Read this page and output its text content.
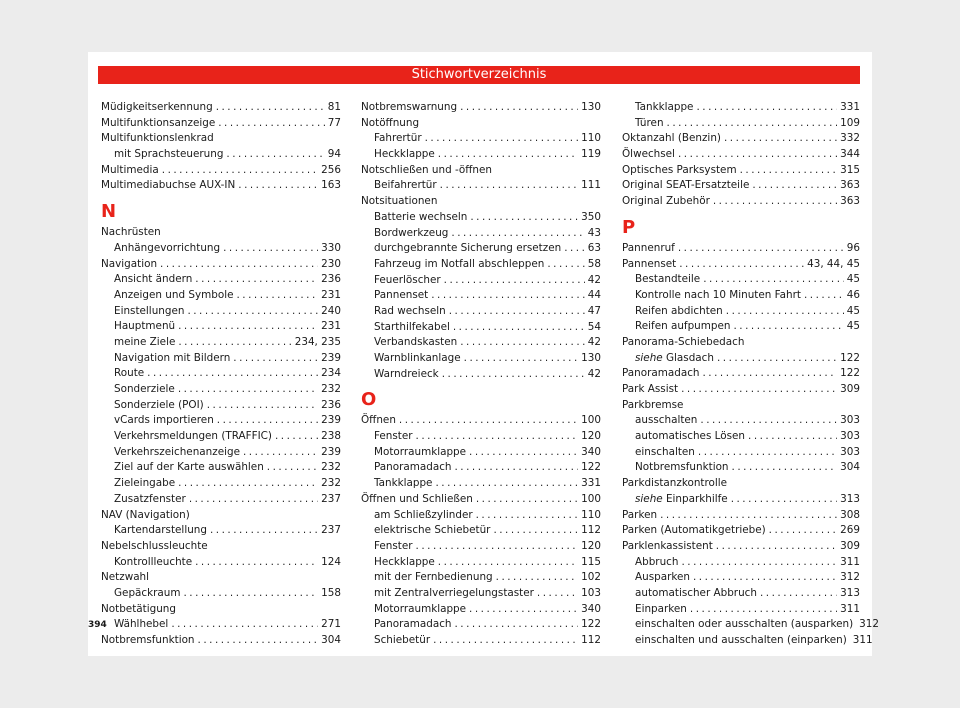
Stichwortverzeichnis
Müdigkeitserkennung . . .	81
Multifunktionsanzeige . . .	77
Multifunktionslenkrad
mit Sprachsteuerung . . .	94
Multimedia . . .	256
Multimediabuchse AUX-IN . . .	163
N
Nachrüsten
Anhängevorrichtung . . .	330
Navigation . . .	230
Ansicht ändern . . .	236
Anzeigen und Symbole . . .	231
Einstellungen . . .	240
Hauptmenü . . .	231
meine Ziele . . .	234, 235
Navigation mit Bildern . . .	239
Route . . .	234
Sonderziele . . .	232
Sonderziele (POI) . . .	236
vCards importieren . . .	239
Verkehrsmeldungen (TRAFFIC) . . .	238
Verkehrszeichenanzeige . . .	239
Ziel auf der Karte auswählen . . .	232
Zieleingabe . . .	232
Zusatzfenster . . .	237
NAV (Navigation)
Kartendarstellung . . .	237
Nebelschlussleuchte
Kontrollleuchte . . .	124
Netzwahl
Gepäckraum . . .	158
Notbetätigung
Wählhebel . . .	271
Notbremsfunktion . . .	304
Notbremswarnung . . .	130
Notöffnung
Fahrertür . . .	110
Heckklappe . . .	119
Notschließen und -öffnen
Beifahrertür . . .	111
Notsituationen
Batterie wechseln . . .	350
Bordwerkzeug . . .	43
durchgebrannte Sicherung ersetzen . . .	63
Fahrzeug im Notfall abschleppen . . .	58
Feuerlöscher . . .	42
Pannenset . . .	44
Rad wechseln . . .	47
Starthilfekabel . . .	54
Verbandskasten . . .	42
Warnblinkanlage . . .	130
Warndreieck . . .	42
O
Öffnen . . .	100
Fenster . . .	120
Motorraumklappe . . .	340
Panoramadach . . .	122
Tankklappe . . .	331
Öffnen und Schließen . . .	100
am Schließzylinder . . .	110
elektrische Schiebetür . . .	112
Fenster . . .	120
Heckklappe . . .	115
mit der Fernbedienung . . .	102
mit Zentralverriegelungstaster . . .	103
Motorraumklappe . . .	340
Panoramadach . . .	122
Schiebetür . . .	112
Tankklappe . . .	331
Türen . . .	109
Oktanzahl (Benzin) . . .	332
Ölwechsel . . .	344
Optisches Parksystem . . .	315
Original SEAT-Ersatzteile . . .	363
Original Zubehör . . .	363
P
Pannenruf . . .	96
Pannenset . . .	43, 44, 45
Bestandteile . . .	45
Kontrolle nach 10 Minuten Fahrt . . .	46
Reifen abdichten . . .	45
Reifen aufpumpen . . .	45
Panorama-Schiebedach
siehe Glasdach . . .	122
Panoramadach . . .	122
Park Assist . . .	309
Parkbremse
ausschalten . . .	303
automatisches Lösen . . .	303
einschalten . . .	303
Notbremsfunktion . . .	304
Parkdistanzkontrolle
siehe Einparkhilfe . . .	313
Parken . . .	308
Parken (Automatikgetriebe) . . .	269
Parklenkassistent . . .	309
Abbruch . . .	311
Ausparken . . .	312
automatischer Abbruch . . .	313
Einparken . . .	311
einschalten oder ausschalten (ausparken) 312
einschalten und ausschalten (einparken) 311
394
